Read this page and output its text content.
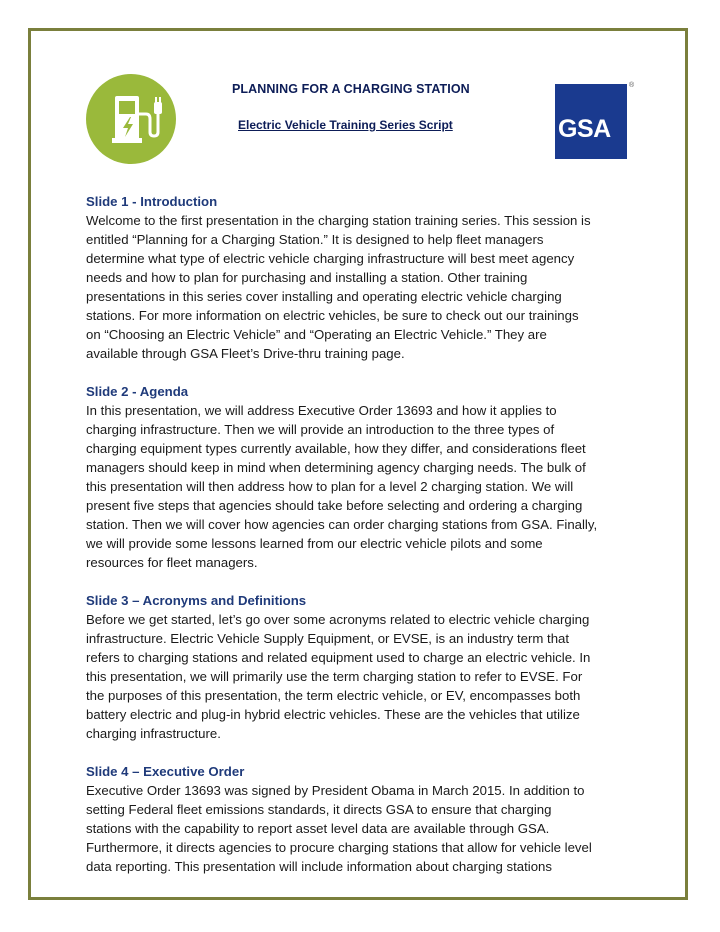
PLANNING FOR A CHARGING STATION
Electric Vehicle Training Series Script	GSA
®
Slide 1 - Introduction

Welcome to the first presentation in the charging station training series. This session is
entitled “Planning for a Charging Station.” It is designed to help fleet managers
determine what type of electric vehicle charging infrastructure will best meet agency
needs and how to plan for purchasing and installing a station. Other training
presentations in this series cover installing and operating electric vehicle charging
stations. For more information on electric vehicles, be sure to check out our trainings
on “Choosing an Electric Vehicle” and “Operating an Electric Vehicle.” They are
available through GSA Fleet’s Drive-thru training page.

Slide 2 - Agenda

In this presentation, we will address Executive Order 13693 and how it applies to
charging infrastructure. Then we will provide an introduction to the three types of
charging equipment types currently available, how they differ, and considerations fleet
managers should keep in mind when determining agency charging needs. The bulk of
this presentation will then address how to plan for a level 2 charging station. We will
present five steps that agencies should take before selecting and ordering a charging
station. Then we will cover how agencies can order charging stations from GSA. Finally,
we will provide some lessons learned from our electric vehicle pilots and some
resources for fleet managers.

Slide 3 – Acronyms and Definitions

Before we get started, let’s go over some acronyms related to electric vehicle charging
infrastructure. Electric Vehicle Supply Equipment, or EVSE, is an industry term that
refers to charging stations and related equipment used to charge an electric vehicle. In
this presentation, we will primarily use the term charging station to refer to EVSE. For
the purposes of this presentation, the term electric vehicle, or EV, encompasses both
battery electric and plug-in hybrid electric vehicles. These are the vehicles that utilize
charging infrastructure.

Slide 4 – Executive Order

Executive Order 13693 was signed by President Obama in March 2015. In addition to
setting Federal fleet emissions standards, it directs GSA to ensure that charging
stations with the capability to report asset level data are available through GSA.
Furthermore, it directs agencies to procure charging stations that allow for vehicle level
data reporting. This presentation will include information about charging stations
